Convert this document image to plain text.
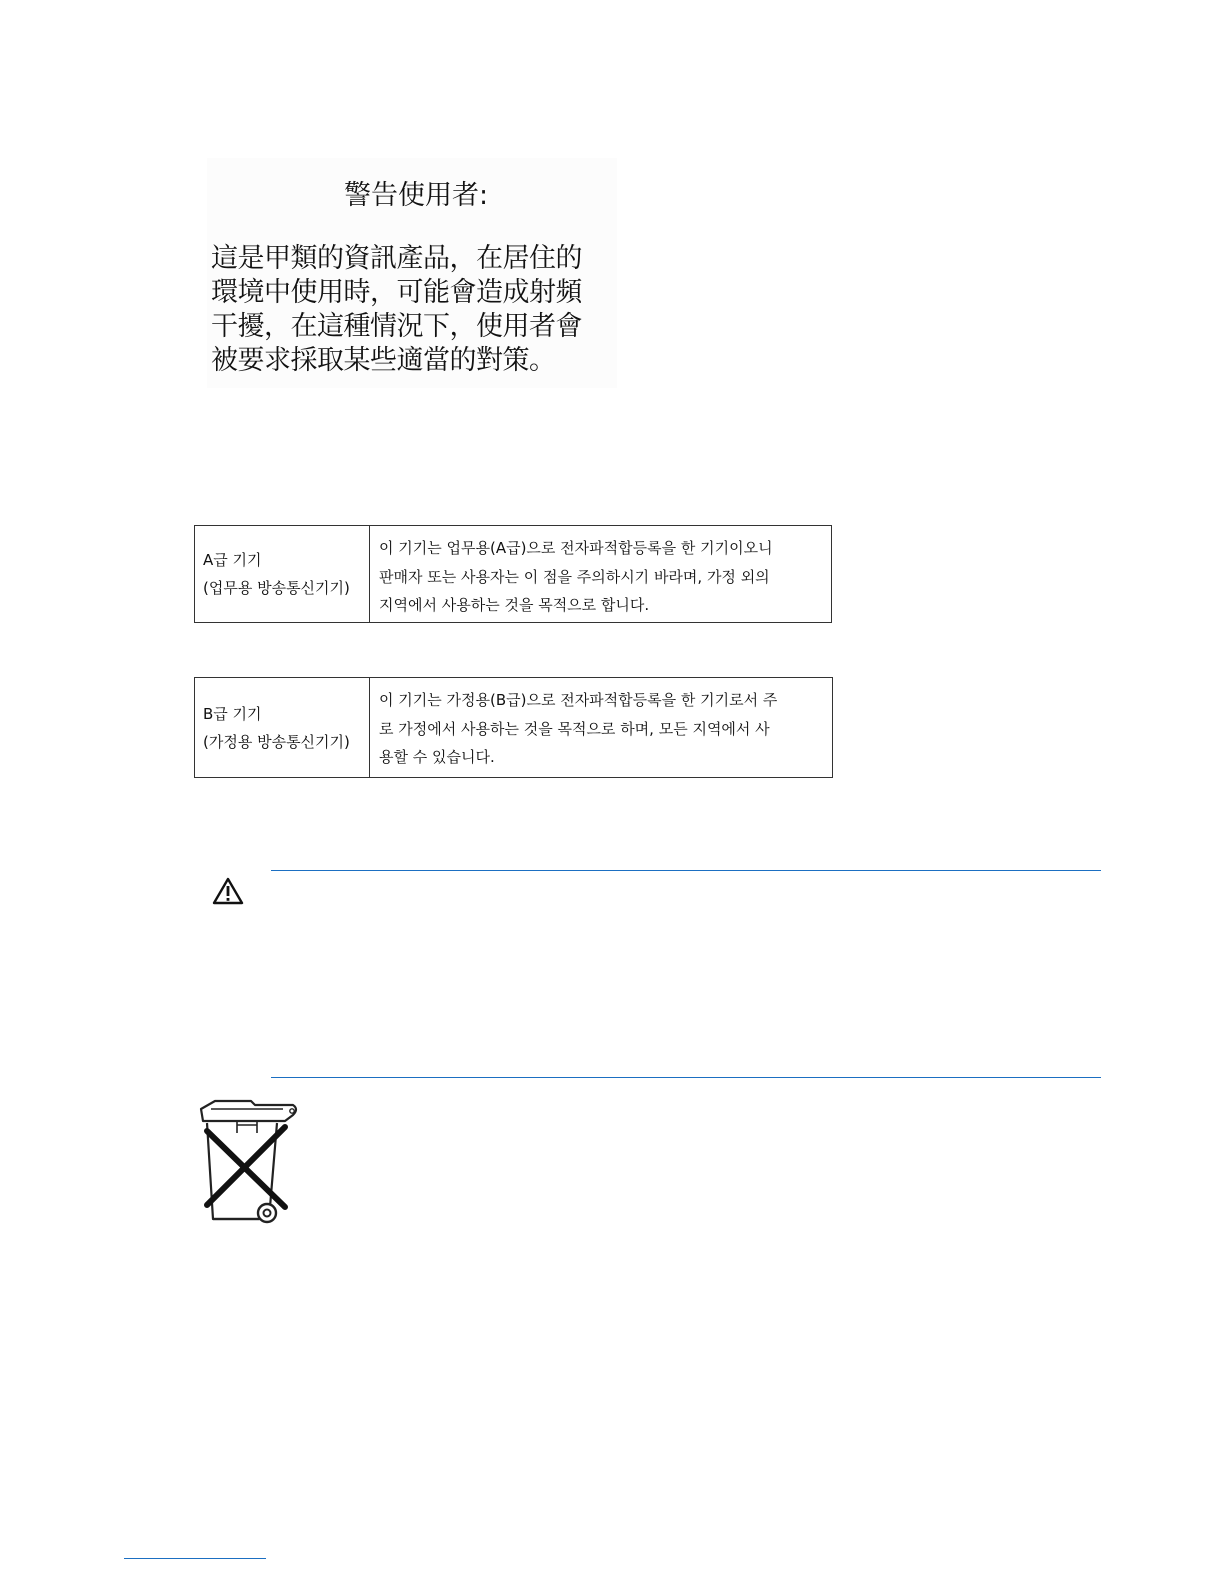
警告使用者:
這是甲類的資訊產品，在居住的
環境中使用時，可能會造成射頻
干擾，在這種情況下，使用者會
被要求採取某些適當的對策。
A급 기기
(업무용 방송통신기기)
이 기기는 업무용(A급)으로 전자파적합등록을 한 기기이오니
판매자 또는 사용자는 이 점을 주의하시기 바라며, 가정 외의
지역에서 사용하는 것을 목적으로 합니다.
B급 기기
(가정용 방송통신기기)
이 기기는 가정용(B급)으로 전자파적합등록을 한 기기로서 주
로 가정에서 사용하는 것을 목적으로 하며, 모든 지역에서 사
용할 수 있습니다.
